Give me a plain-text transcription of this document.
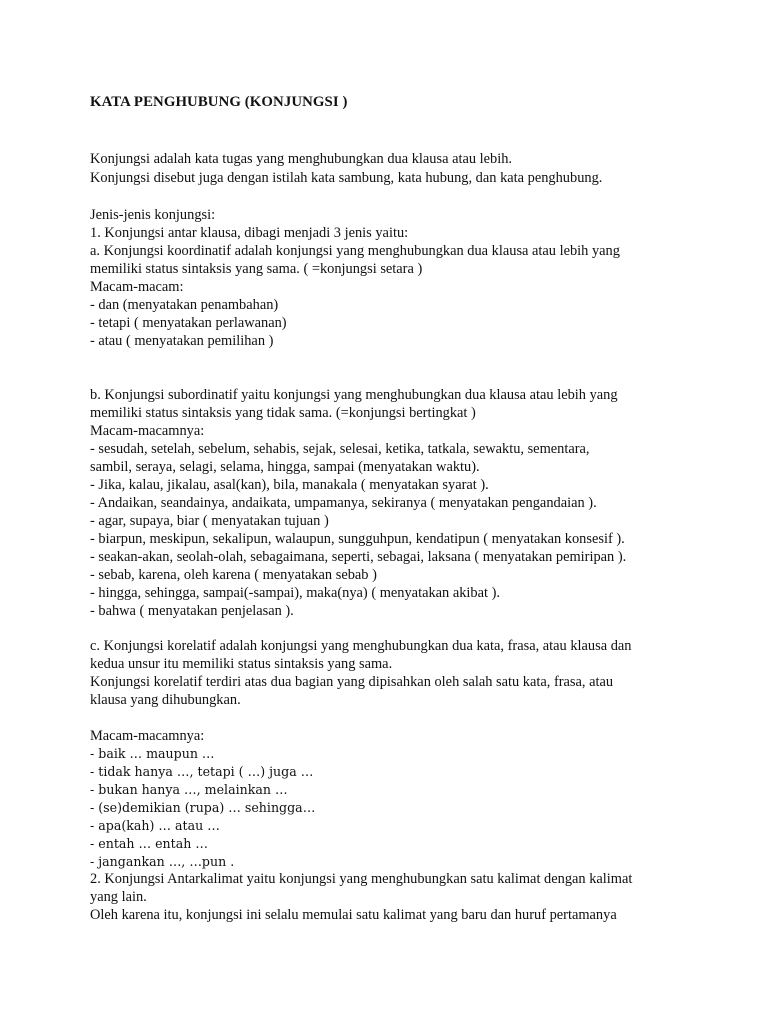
KATA PENGHUBUNG (KONJUNGSI )
Konjungsi adalah kata tugas yang menghubungkan dua klausa atau lebih.
Konjungsi disebut juga dengan istilah kata sambung, kata hubung, dan kata penghubung.
Jenis-jenis konjungsi:
1. Konjungsi antar klausa, dibagi menjadi 3 jenis yaitu:
a. Konjungsi koordinatif adalah konjungsi yang menghubungkan dua klausa atau lebih yang
memiliki status sintaksis yang sama. ( =konjungsi setara )
Macam-macam:
- dan (menyatakan penambahan)
- tetapi ( menyatakan perlawanan)
- atau ( menyatakan pemilihan )
b. Konjungsi subordinatif yaitu konjungsi yang menghubungkan dua klausa atau lebih yang
memiliki status sintaksis yang tidak sama. (=konjungsi bertingkat )
Macam-macamnya:
- sesudah, setelah, sebelum, sehabis, sejak, selesai, ketika, tatkala, sewaktu, sementara,
sambil, seraya, selagi, selama, hingga, sampai (menyatakan waktu).
- Jika, kalau, jikalau, asal(kan), bila, manakala ( menyatakan syarat ).
- Andaikan, seandainya, andaikata, umpamanya, sekiranya ( menyatakan pengandaian ).
- agar, supaya, biar ( menyatakan tujuan )
- biarpun, meskipun, sekalipun, walaupun, sungguhpun, kendatipun ( menyatakan konsesif ).
- seakan-akan, seolah-olah, sebagaimana, seperti, sebagai, laksana ( menyatakan pemiripan ).
- sebab, karena, oleh karena ( menyatakan sebab )
- hingga, sehingga, sampai(-sampai), maka(nya) ( menyatakan akibat ).
- bahwa ( menyatakan penjelasan ).
c. Konjungsi korelatif adalah konjungsi yang menghubungkan dua kata, frasa, atau klausa dan
kedua unsur itu memiliki status sintaksis yang sama.
Konjungsi korelatif terdiri atas dua bagian yang dipisahkan oleh salah satu kata, frasa, atau
klausa yang dihubungkan.
Macam-macamnya:
- baik … maupun …
- tidak hanya …, tetapi ( …) juga …
- bukan hanya …, melainkan …
- (se)demikian (rupa) … sehingga…
- apa(kah) … atau …
- entah … entah …
- jangankan …, …pun .
2. Konjungsi Antarkalimat yaitu konjungsi yang menghubungkan satu kalimat dengan kalimat
yang lain.
Oleh karena itu, konjungsi ini selalu memulai satu kalimat yang baru dan huruf pertamanya
